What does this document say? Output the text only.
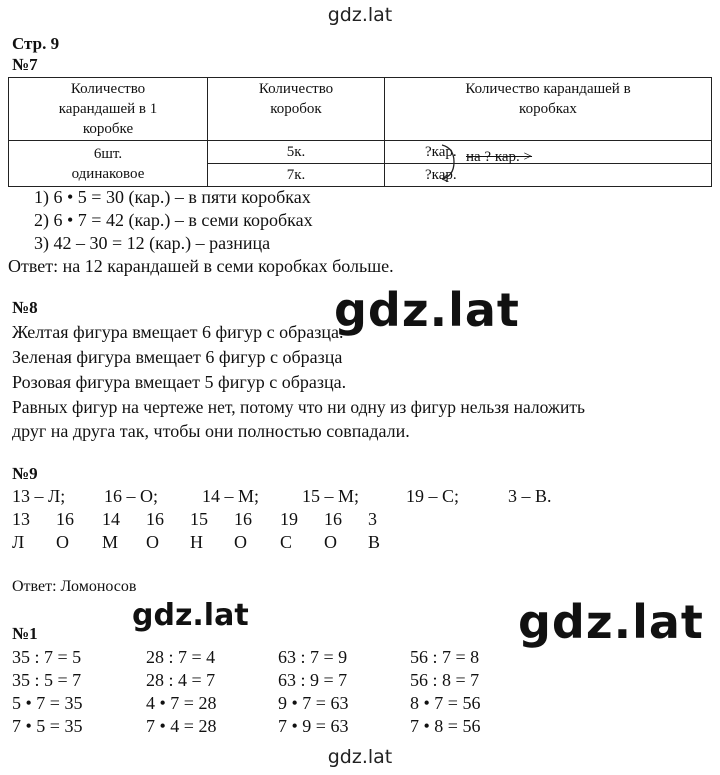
gdz.lat
gdz.lat
gdz.lat	gdz.lat
gdz.lat
Стр. 9
№7
Количество карандашей в 1 коробке	Количество коробок	Количество карандашей в коробках

6шт.
одинаковое	5к.	?кар.
	7к.	?кар.
на ? кар. >
1) 6 • 5 = 30 (кар.) – в пяти коробках
2) 6 • 7 = 42 (кар.) – в семи коробках
3) 42 – 30 = 12 (кар.) – разница
Ответ: на 12 карандашей в семи коробках больше.
№8
Желтая фигура вмещает 6 фигур с образца.
Зеленая фигура вмещает 6 фигур с образца
Розовая фигура вмещает 5 фигур с образца.
Равных фигур на чертеже нет, потому что ни одну из фигур нельзя наложить
друг на друга так, чтобы они полностью совпадали.
№9
13 – Л; 16 – О; 14 – М; 15 – М;	19 – С;	3 – В.
13 16 14 16 15 16 19 16 3
Л О М О Н О С О В
Ответ: Ломоносов
№1
35 : 7 = 5	28 : 7 = 4	63 : 7 = 9	56 : 7 = 8
35 : 5 = 7	28 : 4 = 7	63 : 9 = 7	56 : 8 = 7
5 • 7 = 35	4 • 7 = 28	9 • 7 = 63	8 • 7 = 56
7 • 5 = 35	7 • 4 = 28	7 • 9 = 63	7 • 8 = 56
